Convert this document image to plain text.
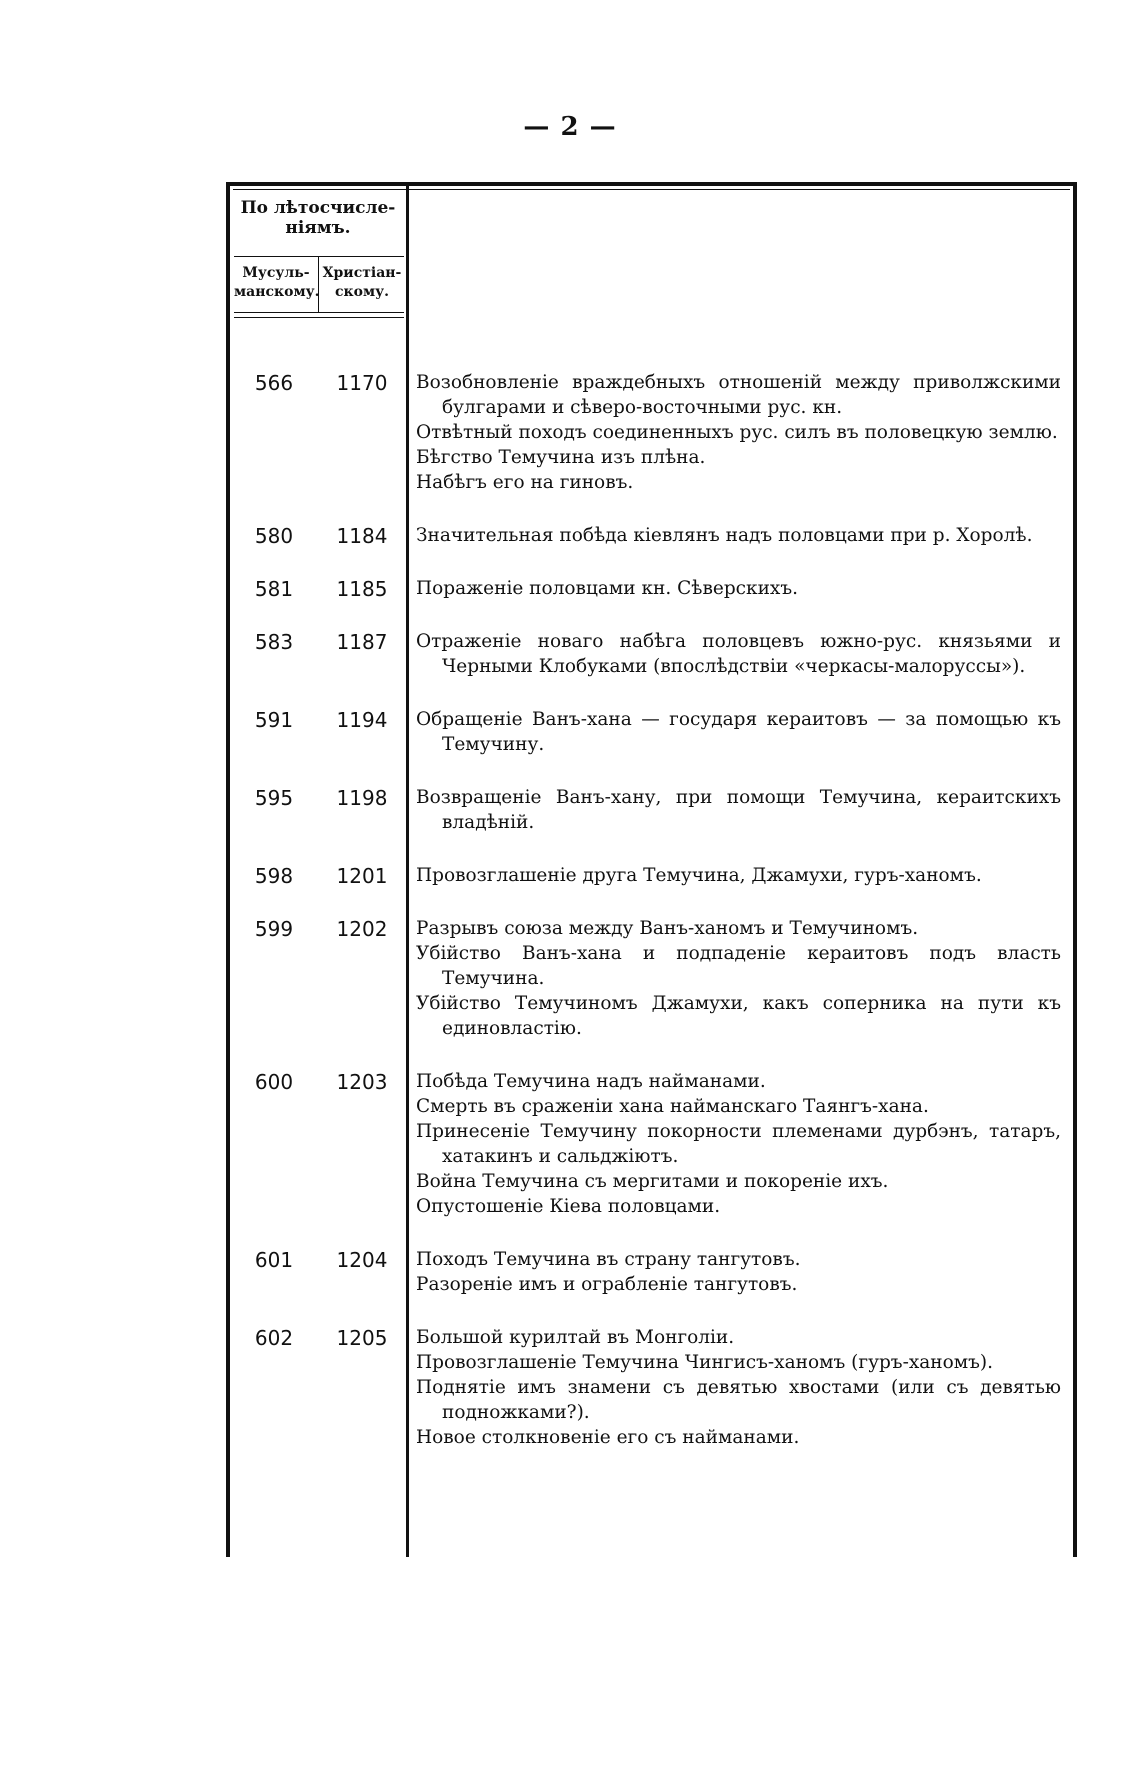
— 2 —
По лѣтосчисле-ніямъ.
Мусуль-манскому.
Христіан-скому.
566	1170	Возобновленіе враждебныхъ отношеній между приволжскими булгарами и сѣверо-восточными рус. кн.
Отвѣтный походъ соединенныхъ рус. силъ въ половецкую землю.
Бѣгство Темучина изъ плѣна.
Набѣгъ его на гиновъ.
580	1184	Значительная побѣда кіевлянъ надъ половцами при р. Хоролѣ.
581	1185	Пораженіе половцами кн. Сѣверскихъ.
583	1187	Отраженіе новаго набѣга половцевъ южно-рус. князьями и Черными Клобуками (впослѣдствіи «черкасы-малоруссы»).
591	1194	Обращеніе Ванъ-хана — государя кераитовъ — за помощью къ Темучину.
595	1198	Возвращеніе Ванъ-хану, при помощи Темучина, кераитскихъ владѣній.
598	1201	Провозглашеніе друга Темучина, Джамухи, гуръ-ханомъ.
599	1202	Разрывъ союза между Ванъ-ханомъ и Темучиномъ.
Убійство Ванъ-хана и подпаденіе кераитовъ подъ власть Темучина.
Убійство Темучиномъ Джамухи, какъ соперника на пути къ единовластію.
600	1203	Побѣда Темучина надъ найманами.
Смерть въ сраженіи хана найманскаго Таянгъ-хана.
Принесеніе Темучину покорности племенами дурбэнъ, татаръ, хатакинъ и сальджіютъ.
Война Темучина съ мергитами и покореніе ихъ.
Опустошеніе Кіева половцами.
601	1204	Походъ Темучина въ страну тангутовъ.
Разореніе имъ и ограбленіе тангутовъ.
602	1205	Большой курилтай въ Монголіи.
Провозглашеніе Темучина Чингисъ-ханомъ (гуръ-ханомъ).
Поднятіе имъ знамени съ девятью хвостами (или съ девятью подножками?).
Новое столкновеніе его съ найманами.
